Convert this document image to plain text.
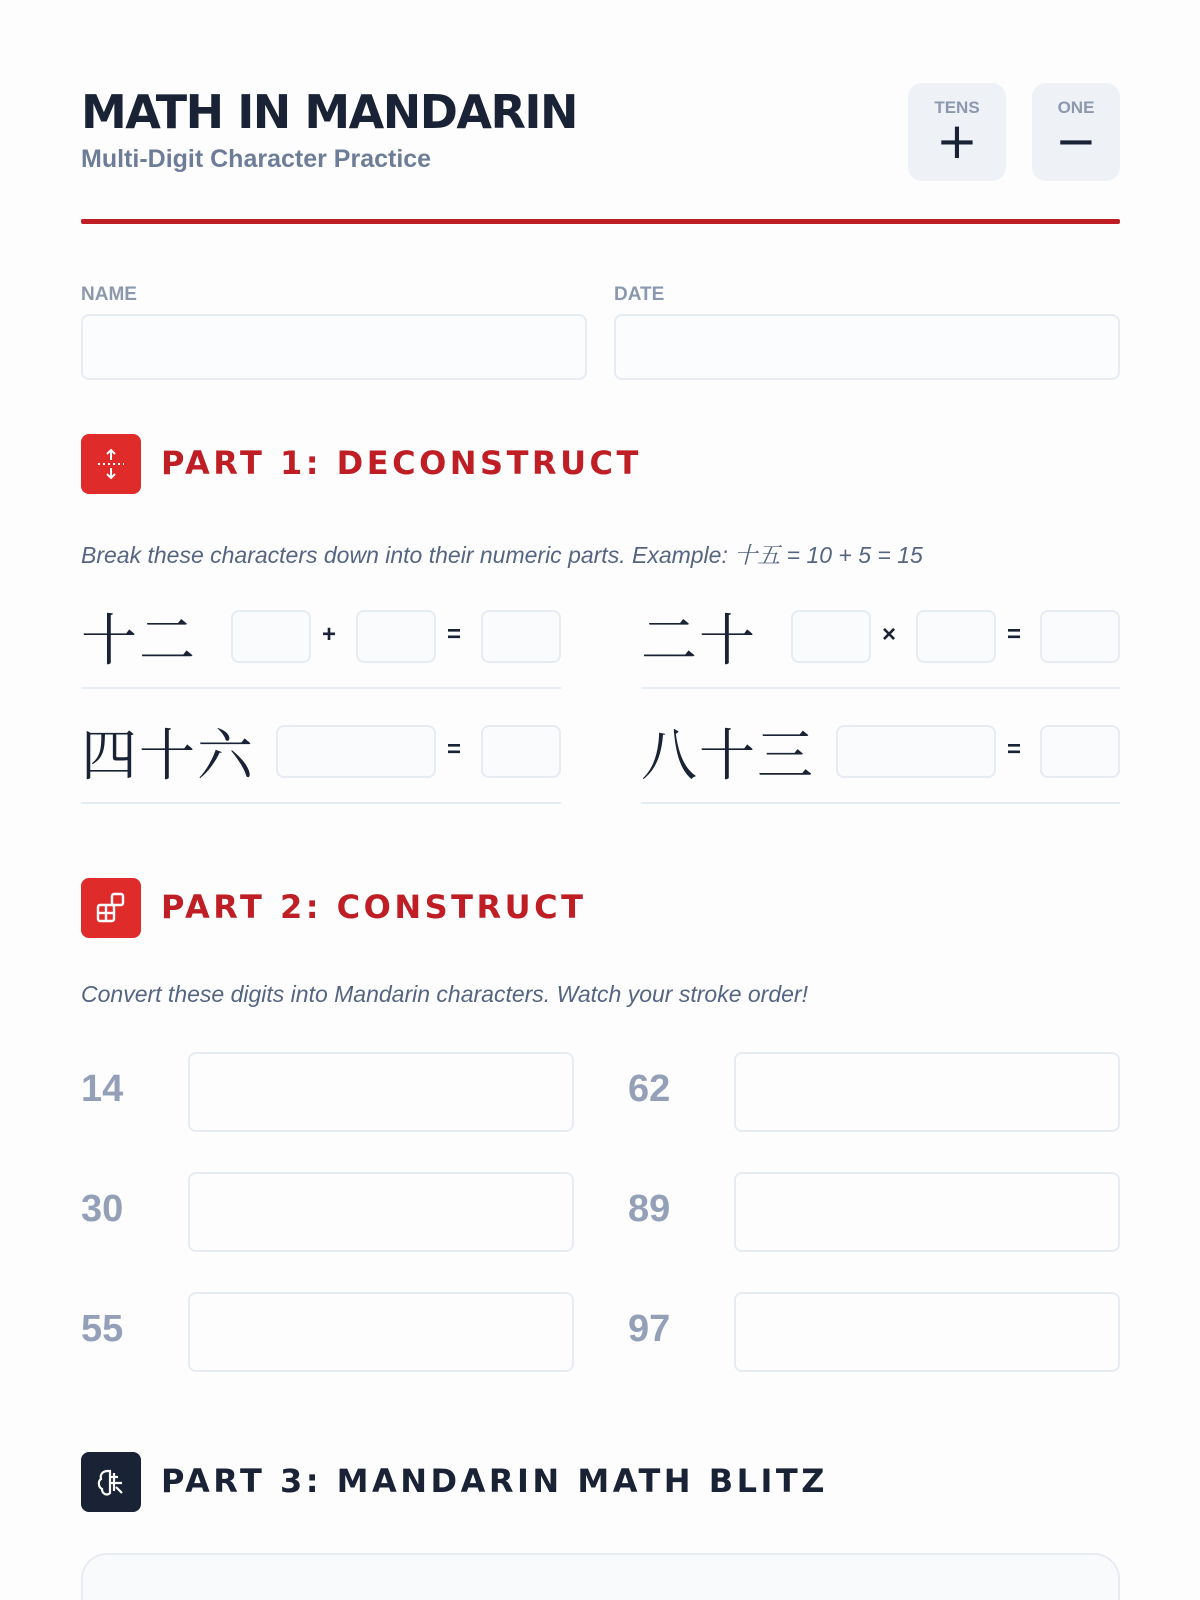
MATH IN MANDARIN
Multi-Digit Character Practice
TENS
+
ONE
−
NAME	DATE
PART 1: DECONSTRUCT
Break these characters down into their numeric parts. Example: 十五 = 10 + 5 = 15
十二	+	=	二十	×	=
四十六	=	八十三	=
PART 2: CONSTRUCT
Convert these digits into Mandarin characters. Watch your stroke order!
14	62
30	89
55	97
PART 3: MANDARIN MATH BLITZ
